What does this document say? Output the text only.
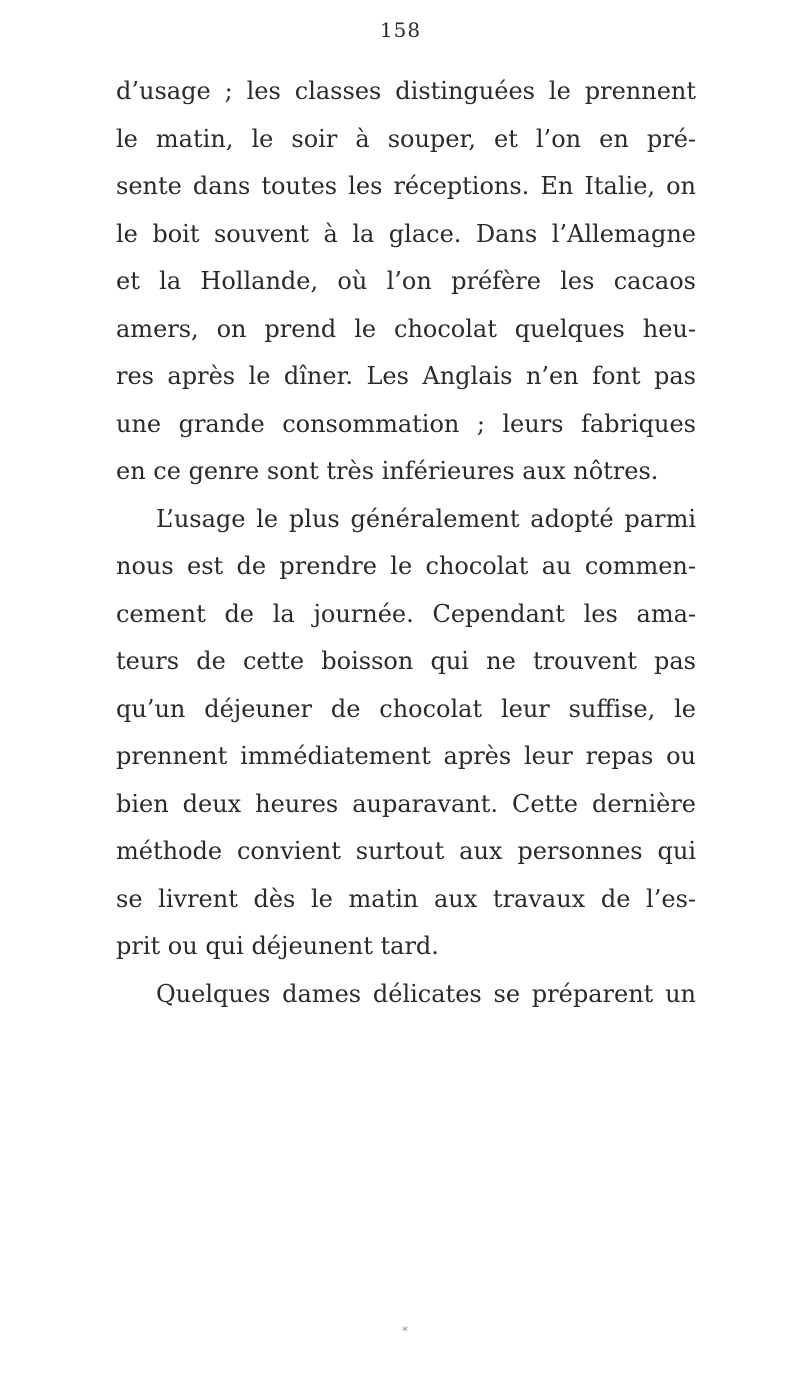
158
d’usage ; les classes distinguées le prennent
le matin, le soir à souper, et l’on en pré-
sente dans toutes les réceptions. En Italie, on
le boit souvent à la glace. Dans l’Allemagne
et la Hollande, où l’on préfère les cacaos
amers, on prend le chocolat quelques heu-
res après le dîner. Les Anglais n’en font pas
une grande consommation ; leurs fabriques
en ce genre sont très inférieures aux nôtres.
L’usage le plus généralement adopté parmi
nous est de prendre le chocolat au commen-
cement de la journée. Cependant les ama-
teurs de cette boisson qui ne trouvent pas
qu’un déjeuner de chocolat leur suffise, le
prennent immédiatement après leur repas ou
bien deux heures auparavant. Cette dernière
méthode convient surtout aux personnes qui
se livrent dès le matin aux travaux de l’es-
prit ou qui déjeunent tard.
Quelques dames délicates se préparent un
*
